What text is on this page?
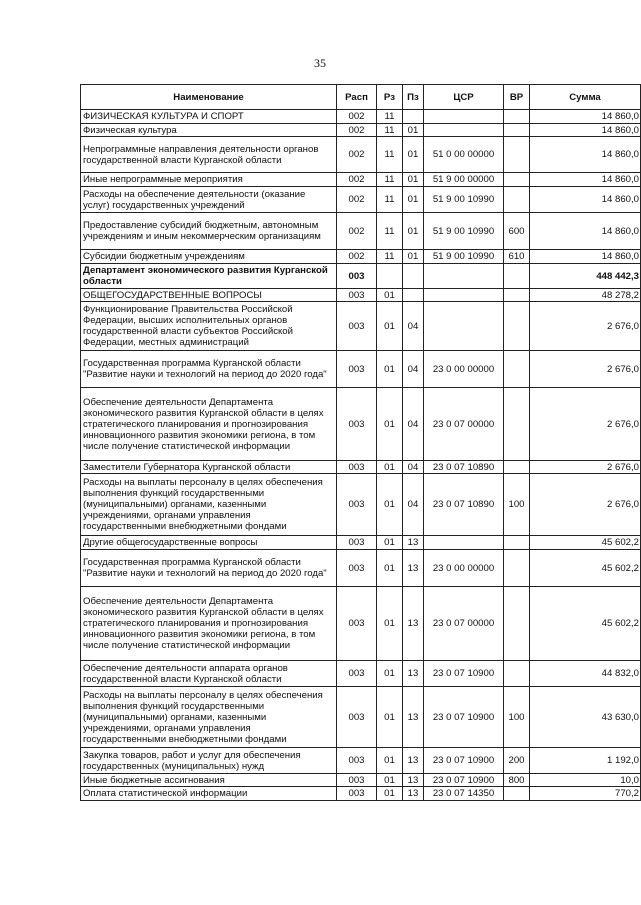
35
Наименование	Расп	Рз	Пз	ЦСР	ВР	Сумма
ФИЗИЧЕСКАЯ КУЛЬТУРА И СПОРТ	002	11				14 860,0
Физическая культура	002	11	01			14 860,0
Непрограммные направления деятельности органов государственной власти Курганской области	002	11	01	51 0 00 00000		14 860,0
Иные непрограммные мероприятия	002	11	01	51 9 00 00000		14 860,0
Расходы на обеспечение деятельности (оказание услуг) государственных учреждений	002	11	01	51 9 00 10990		14 860,0
Предоставление субсидий бюджетным, автономным учреждениям и иным некоммерческим организациям	002	11	01	51 9 00 10990	600	14 860,0
Субсидии бюджетным учреждениям	002	11	01	51 9 00 10990	610	14 860,0
Департамент экономического развития Курганской области	003					448 442,3
ОБЩЕГОСУДАРСТВЕННЫЕ ВОПРОСЫ	003	01				48 278,2
Функционирование Правительства Российской Федерации, высших исполнительных органов государственной власти субъектов Российской Федерации, местных администраций	003	01	04			2 676,0
Государственная программа Курганской области "Развитие науки и технологий на период до 2020 года"	003	01	04	23 0 00 00000		2 676,0
Обеспечение деятельности Департамента экономического развития Курганской области в целях стратегического планирования и прогнозирования инновационного развития экономики региона, в том числе получение статистической информации	003	01	04	23 0 07 00000		2 676,0
Заместители Губернатора Курганской области	003	01	04	23 0 07 10890		2 676,0
Расходы на выплаты персоналу в целях обеспечения выполнения функций государственными (муниципальными) органами, казенными учреждениями, органами управления государственными внебюджетными фондами	003	01	04	23 0 07 10890	100	2 676,0
Другие общегосударственные вопросы	003	01	13			45 602,2
Государственная программа Курганской области "Развитие науки и технологий на период до 2020 года"	003	01	13	23 0 00 00000		45 602,2
Обеспечение деятельности Департамента экономического развития Курганской области в целях стратегического планирования и прогнозирования инновационного развития экономики региона, в том числе получение статистической информации	003	01	13	23 0 07 00000		45 602,2
Обеспечение деятельности аппарата органов государственной власти Курганской области	003	01	13	23 0 07 10900		44 832,0
Расходы на выплаты персоналу в целях обеспечения выполнения функций государственными (муниципальными) органами, казенными учреждениями, органами управления государственными внебюджетными фондами	003	01	13	23 0 07 10900	100	43 630,0
Закупка товаров, работ и услуг для обеспечения государственных (муниципальных) нужд	003	01	13	23 0 07 10900	200	1 192,0
Иные бюджетные ассигнования	003	01	13	23 0 07 10900	800	10,0
Оплата статистической информации	003	01	13	23 0 07 14350		770,2
